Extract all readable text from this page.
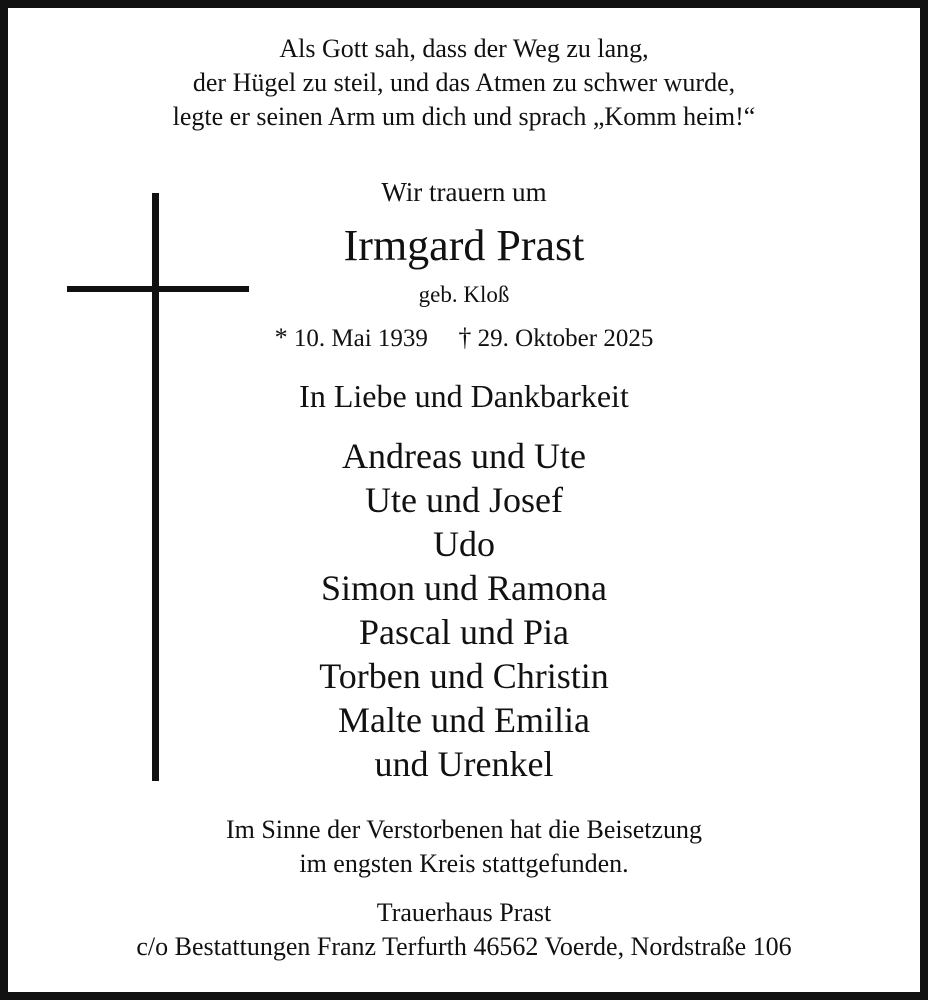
Als Gott sah, dass der Weg zu lang,
der Hügel zu steil, und das Atmen zu schwer wurde,
legte er seinen Arm um dich und sprach „Komm heim!“
Wir trauern um
Irmgard Prast
geb. Kloß
* 10. Mai 1939 † 29. Oktober 2025
In Liebe und Dankbarkeit
Andreas und Ute
Ute und Josef
Udo
Simon und Ramona
Pascal und Pia
Torben und Christin
Malte und Emilia
und Urenkel
Im Sinne der Verstorbenen hat die Beisetzung
im engsten Kreis stattgefunden.
Trauerhaus Prast
c/o Bestattungen Franz Terfurth 46562 Voerde, Nordstraße 106
